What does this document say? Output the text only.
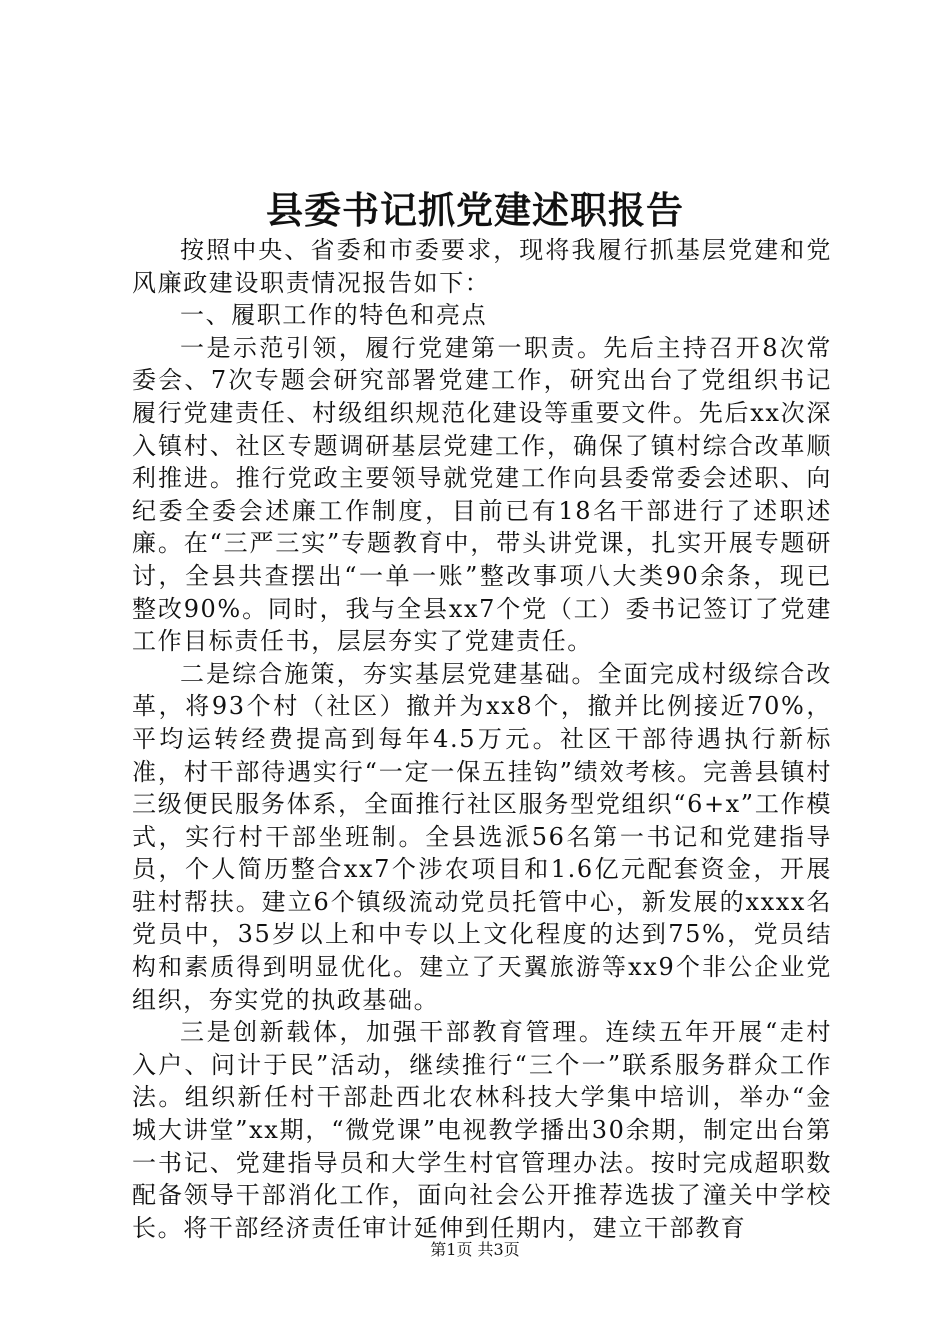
县委书记抓党建述职报告

按照中央、省委和市委要求，现将我履行抓基层党建和党风廉政建设职责情况报告如下：

一、履职工作的特色和亮点

一是示范引领，履行党建第一职责。先后主持召开8次常委会、7次专题会研究部署党建工作，研究出台了党组织书记履行党建责任、村级组织规范化建设等重要文件。先后xx次深入镇村、社区专题调研基层党建工作，确保了镇村综合改革顺利推进。推行党政主要领导就党建工作向县委常委会述职、向纪委全委会述廉工作制度，目前已有18名干部进行了述职述廉。在“三严三实”专题教育中，带头讲党课，扎实开展专题研讨，全县共查摆出“一单一账”整改事项八大类90余条，现已整改90%。同时，我与全县xx7个党（工）委书记签订了党建工作目标责任书，层层夯实了党建责任。

二是综合施策，夯实基层党建基础。全面完成村级综合改革，将93个村（社区）撤并为xx8个，撤并比例接近70%，平均运转经费提高到每年4.5万元。社区干部待遇执行新标准，村干部待遇实行“一定一保五挂钩”绩效考核。完善县镇村三级便民服务体系，全面推行社区服务型党组织“6+x”工作模式，实行村干部坐班制。全县选派56名第一书记和党建指导员，个人简历整合xx7个涉农项目和1.6亿元配套资金，开展驻村帮扶。建立6个镇级流动党员托管中心，新发展的xxxx名党员中，35岁以上和中专以上文化程度的达到75%，党员结构和素质得到明显优化。建立了天翼旅游等xx9个非公企业党组织，夯实党的执政基础。

三是创新载体，加强干部教育管理。连续五年开展“走村入户、问计于民”活动，继续推行“三个一”联系服务群众工作法。组织新任村干部赴西北农林科技大学集中培训，举办“金城大讲堂”xx期，“微党课”电视教学播出30余期，制定出台第一书记、党建指导员和大学生村官管理办法。按时完成超职数配备领导干部消化工作，面向社会公开推荐选拔了潼关中学校长。将干部经济责任审计延伸到任期内，建立干部教育

第1页 共3页
